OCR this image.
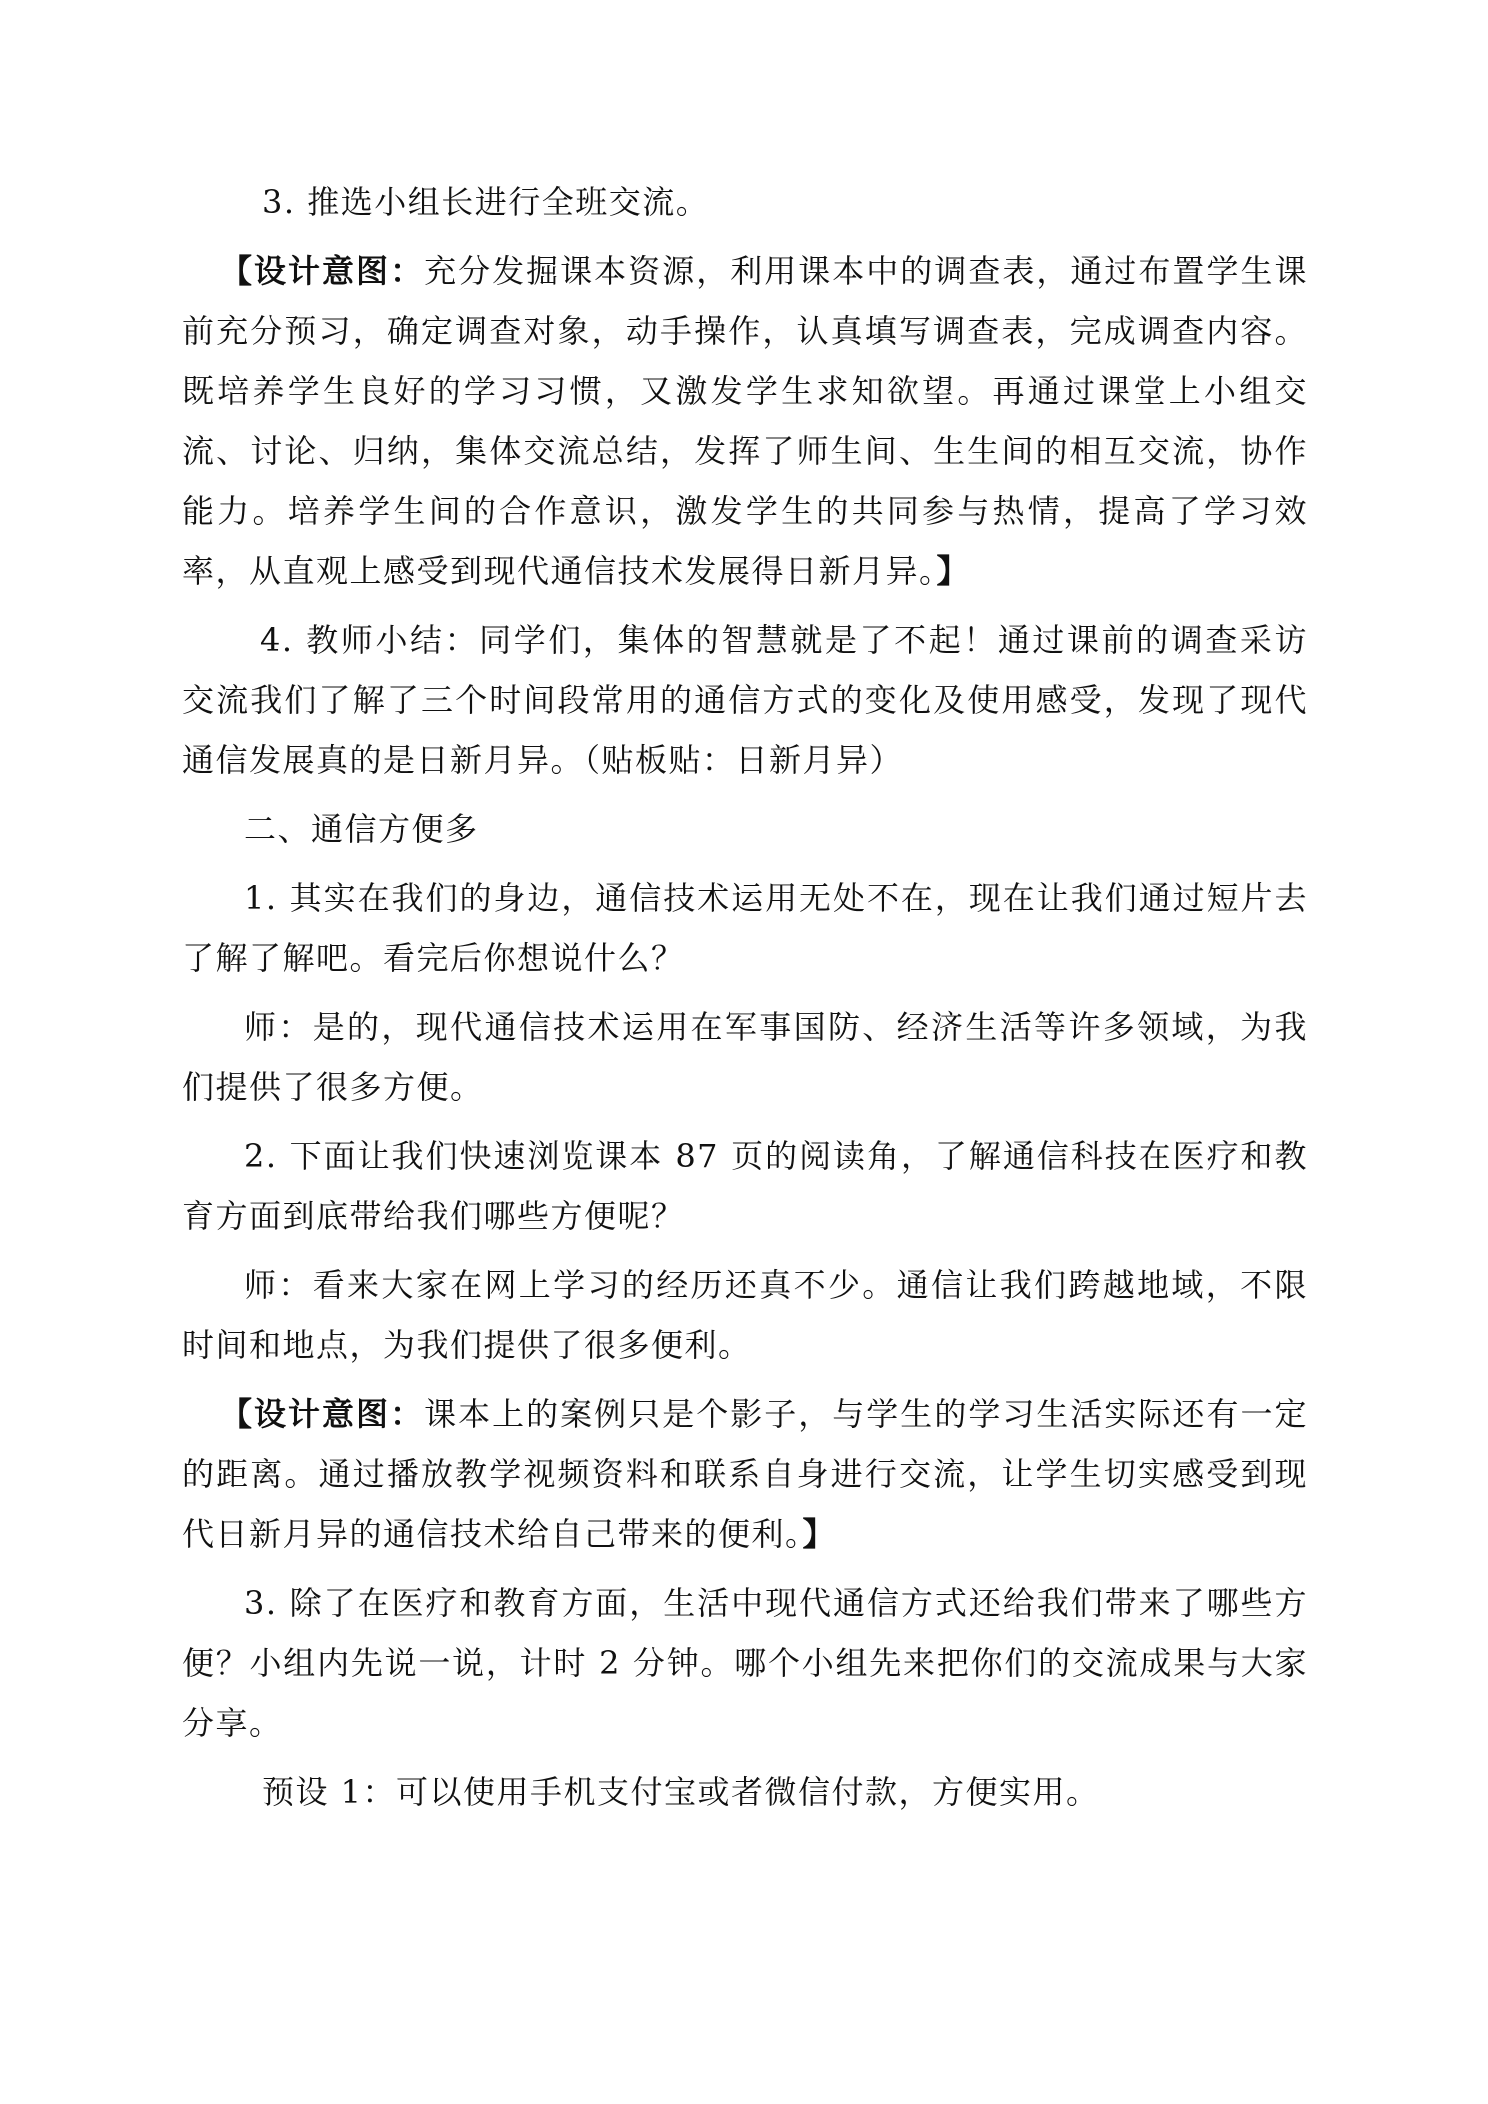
3. 推选小组长进行全班交流。

【设计意图：充分发掘课本资源，利用课本中的调查表，通过布置学生课前充分预习，确定调查对象，动手操作，认真填写调查表，完成调查内容。既培养学生良好的学习习惯，又激发学生求知欲望。再通过课堂上小组交流、讨论、归纳，集体交流总结，发挥了师生间、生生间的相互交流，协作能力。培养学生间的合作意识，激发学生的共同参与热情，提高了学习效率，从直观上感受到现代通信技术发展得日新月异。】

4. 教师小结：同学们，集体的智慧就是了不起！通过课前的调查采访交流我们了解了三个时间段常用的通信方式的变化及使用感受，发现了现代通信发展真的是日新月异。（贴板贴：日新月异）

二、通信方便多

1. 其实在我们的身边，通信技术运用无处不在，现在让我们通过短片去了解了解吧。看完后你想说什么？

师：是的，现代通信技术运用在军事国防、经济生活等许多领域，为我们提供了很多方便。

2. 下面让我们快速浏览课本 87 页的阅读角，了解通信科技在医疗和教育方面到底带给我们哪些方便呢？

师：看来大家在网上学习的经历还真不少。通信让我们跨越地域，不限时间和地点，为我们提供了很多便利。

【设计意图：课本上的案例只是个影子，与学生的学习生活实际还有一定的距离。通过播放教学视频资料和联系自身进行交流，让学生切实感受到现代日新月异的通信技术给自己带来的便利。】

3. 除了在医疗和教育方面，生活中现代通信方式还给我们带来了哪些方便？小组内先说一说，计时 2 分钟。哪个小组先来把你们的交流成果与大家分享。

预设 1：可以使用手机支付宝或者微信付款，方便实用。
